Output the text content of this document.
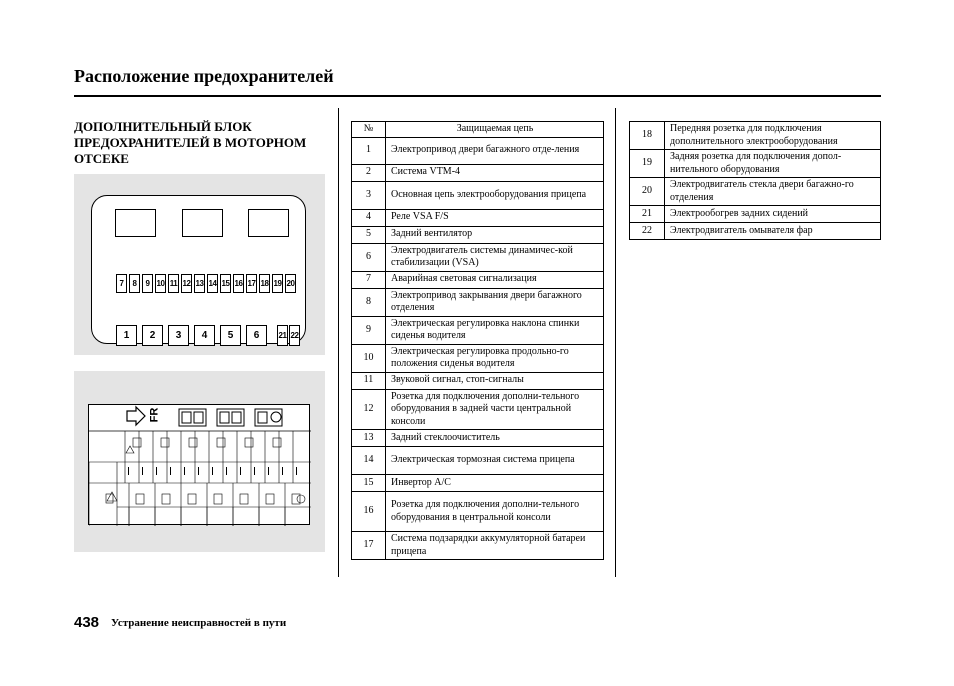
Расположение предохранителей
ДОПОЛНИТЕЛЬНЫЙ БЛОК ПРЕДОХРАНИТЕЛЕЙ В МОТОРНОМ ОТСЕКЕ
7	8	9 10 11 12 13 14 15 16 17 18 19 20
1	2	3	4	5	6	21 22
FR
№	Защищаемая цепь
1	Электропривод двери багажного отде-ления
2	Система VTM-4
3	Основная цепь электрооборудования прицепа
4	Реле VSA F/S
5	Задний вентилятор
6	Электродвигатель системы динамичес-кой стабилизации (VSA)
7	Аварийная световая сигнализация
8	Электропривод закрывания двери багажного отделения
9	Электрическая регулировка наклона спинки сиденья водителя
10	Электрическая регулировка продольно-го положения сиденья водителя
11	Звуковой сигнал, стоп-сигналы
12	Розетка для подключения дополни-тельного оборудования в задней части центральной консоли
13	Задний стеклоочиститель
14	Электрическая тормозная система прицепа
15	Инвертор A/C
16	Розетка для подключения дополни-тельного оборудования в центральной консоли
17	Система подзарядки аккумуляторной батареи прицепа
18	Передняя розетка для подключения дополнительного электрооборудования
19	Задняя розетка для подключения допол-нительного оборудования
20	Электродвигатель стекла двери багажно-го отделения
21	Электрообогрев задних сидений
22	Электродвигатель омывателя фар
438 Устранение неисправностей в пути
